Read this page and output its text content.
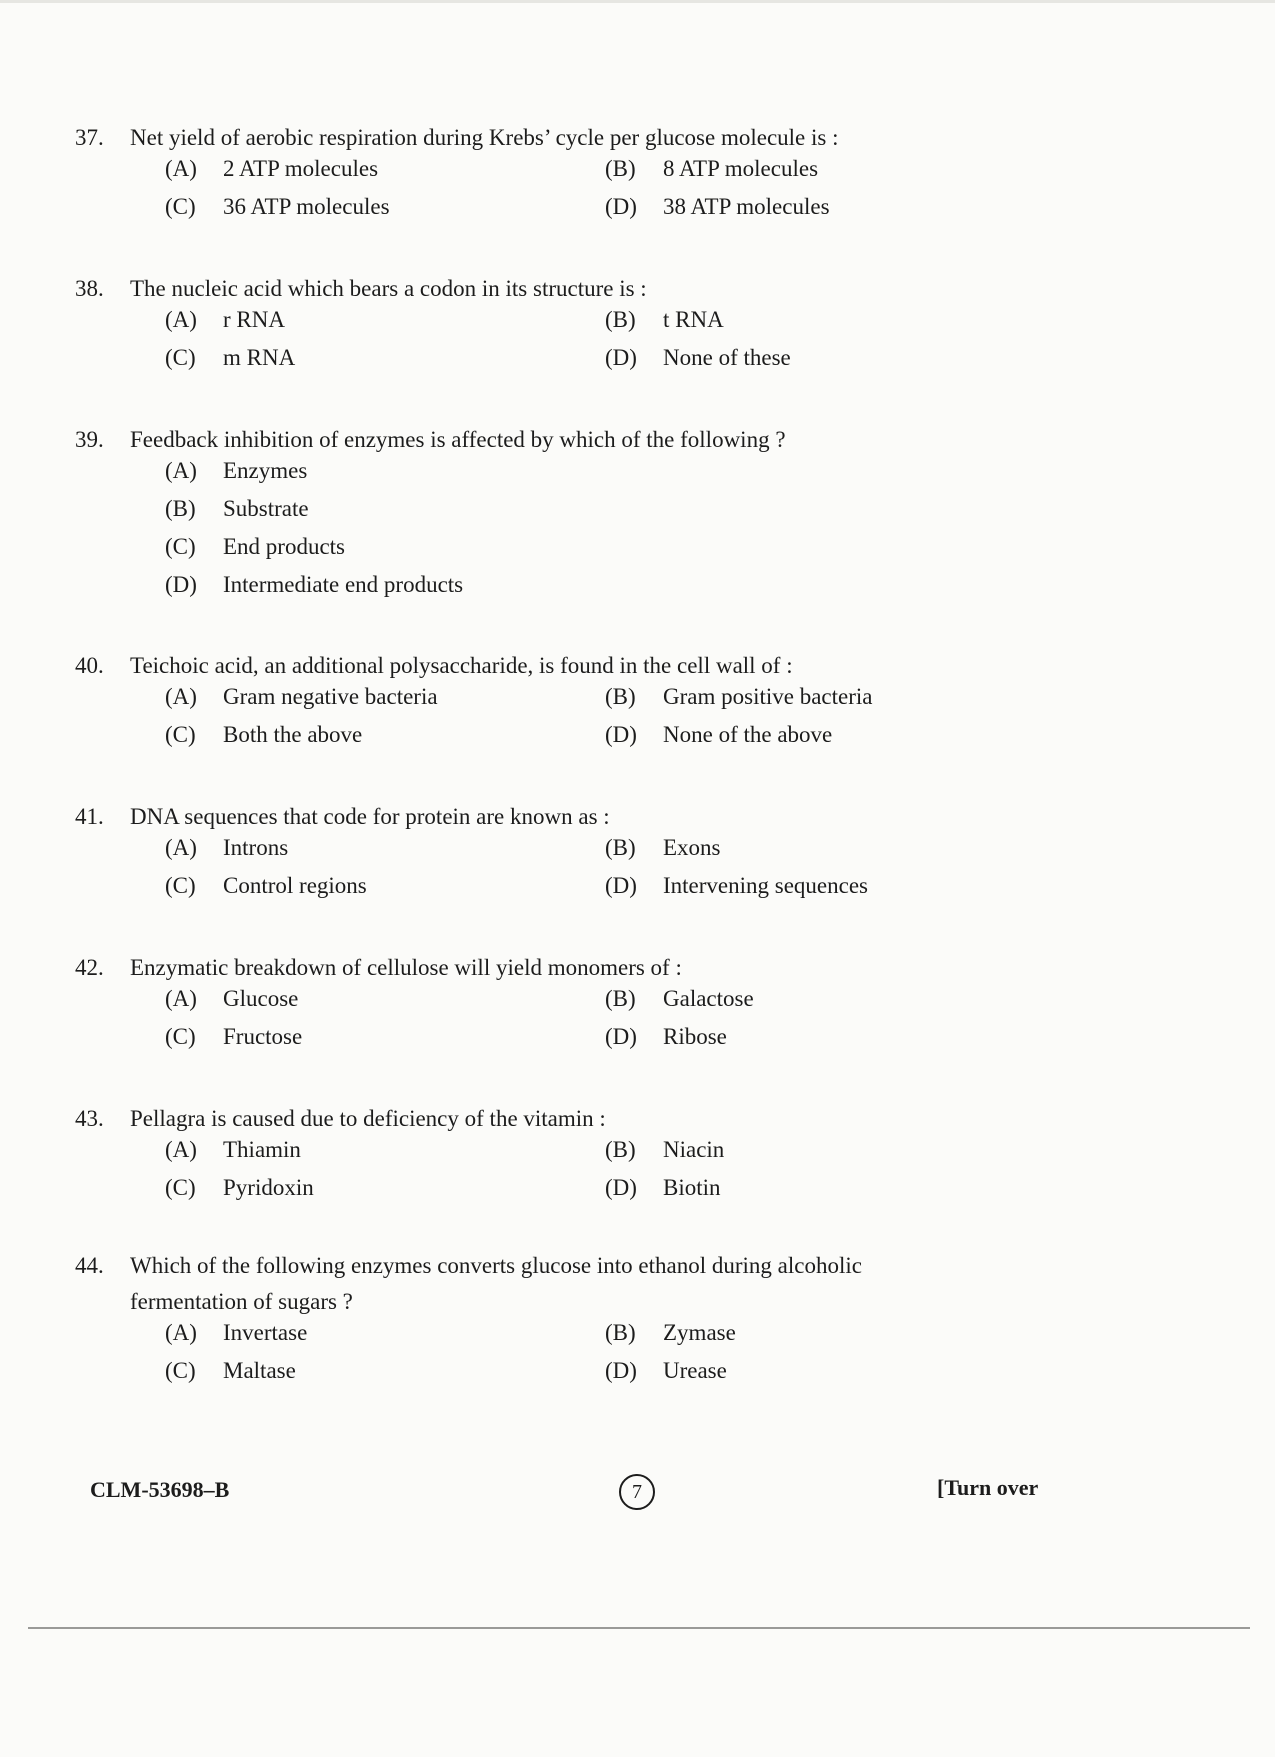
37.	Net yield of aerobic respiration during Krebs’ cycle per glucose molecule is :
(A)	2 ATP molecules	(B)	8 ATP molecules
(C)	36 ATP molecules	(D)	38 ATP molecules
38.	The nucleic acid which bears a codon in its structure is :
(A)	r RNA	(B)	t RNA
(C)	m RNA	(D)	None of these
39.	Feedback inhibition of enzymes is affected by which of the following ?
(A)	Enzymes
(B)	Substrate
(C)	End products
(D)	Intermediate end products
40.	Teichoic acid, an additional polysaccharide, is found in the cell wall of :
(A)	Gram negative bacteria	(B)	Gram positive bacteria
(C)	Both the above	(D)	None of the above
41.	DNA sequences that code for protein are known as :
(A)	Introns	(B)	Exons
(C)	Control regions	(D)	Intervening sequences
42.	Enzymatic breakdown of cellulose will yield monomers of :
(A)	Glucose	(B)	Galactose
(C)	Fructose	(D)	Ribose
43.	Pellagra is caused due to deficiency of the vitamin :
(A)	Thiamin	(B)	Niacin
(C)	Pyridoxin	(D)	Biotin
44.	Which of the following enzymes converts glucose into ethanol during alcoholic fermentation of sugars ?
(A)	Invertase	(B)	Zymase
(C)	Maltase	(D)	Urease
CLM-53698–B	7	[Turn over
